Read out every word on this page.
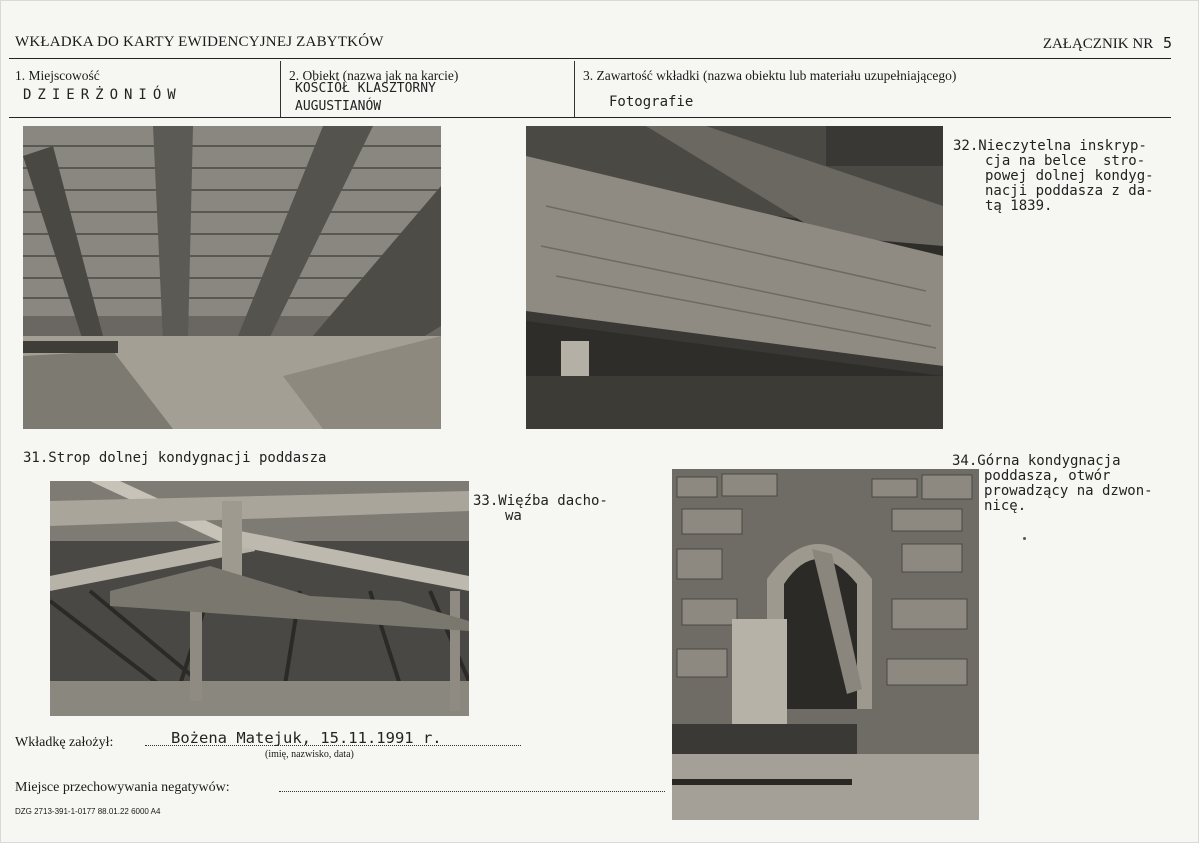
WKŁADKA DO KARTY EWIDENCYJNEJ ZABYTKÓW	ZAŁĄCZNIK NR 5
1. Miejscowość
DZIERŻONIÓW
2. Obiekt (nazwa jak na karcie)
KOŚCIÓŁ KLASZTORNY
AUGUSTIANÓW
3. Zawartość wkładki (nazwa obiektu lub materiału uzupełniającego)
Fotografie
31.Strop dolnej kondygnacji poddasza
32.Nieczytelna inskryp-
cja na belce  stro-
powej dolnej kondyg-
nacji poddasza z da-
tą 1839.
33.Więźba dacho-
wa
34.Górna kondygnacja
poddasza, otwór
prowadzący na dzwon-
nicę.
Wkładkę założył:	Bożena Matejuk, 15.11.1991 r.
(imię, nazwisko, data)
Miejsce przechowywania negatywów:
DZG 2713-391-1-0177 88.01.22 6000 A4
